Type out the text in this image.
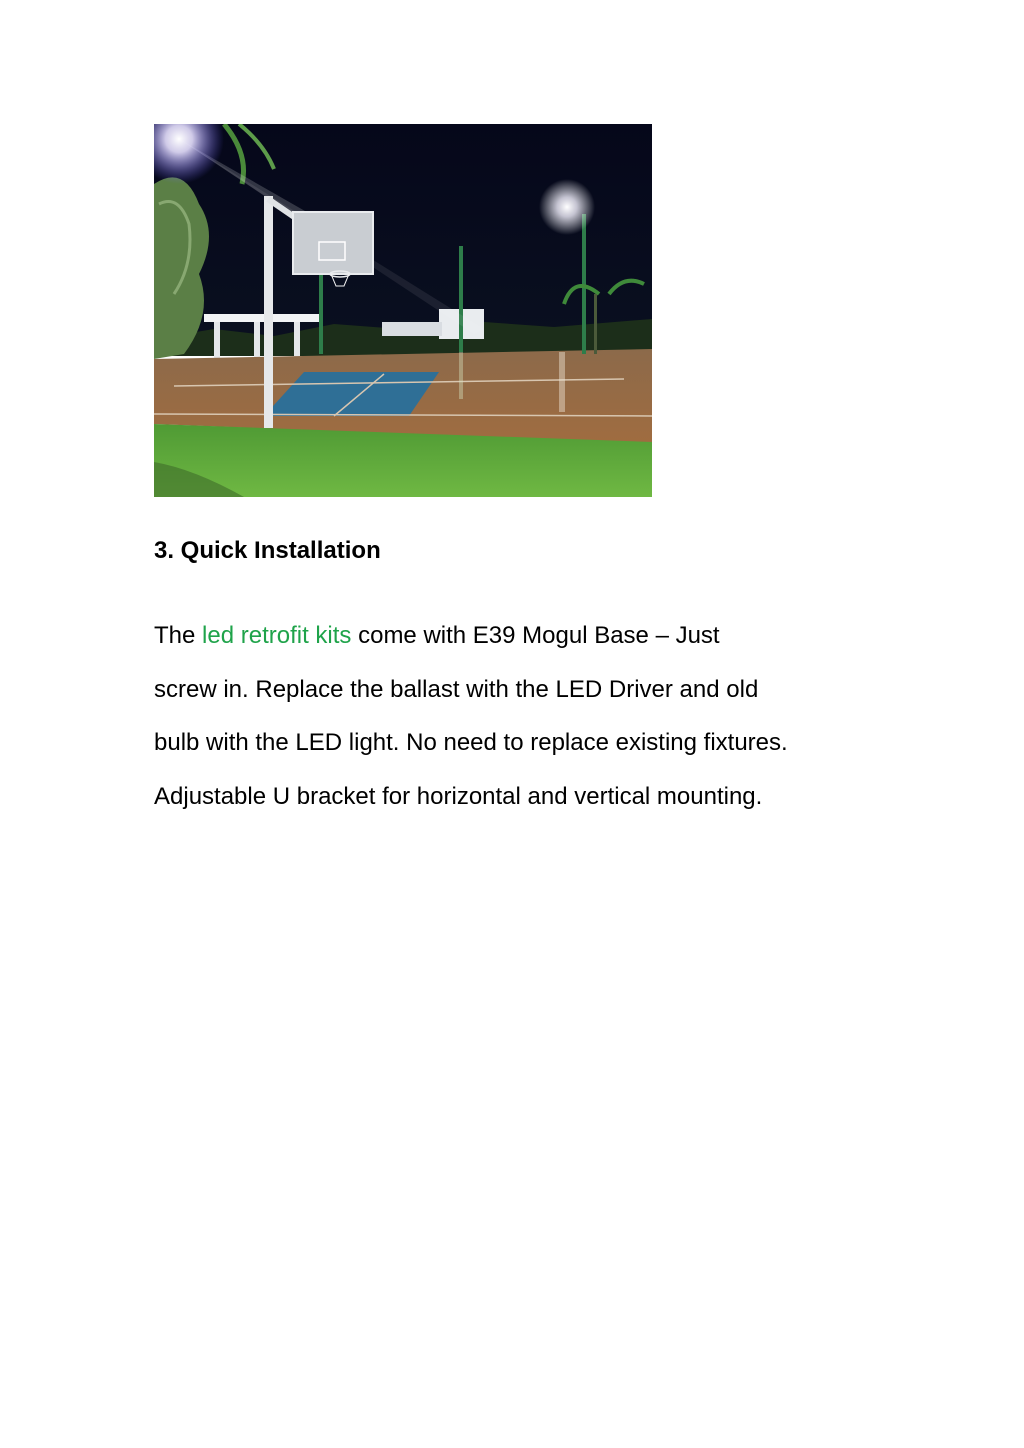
3. Quick Installation

The led retrofit kits come with E39 Mogul Base – Just
screw in. Replace the ballast with the LED Driver and old
bulb with the LED light. No need to replace existing fixtures.
Adjustable U bracket for horizontal and vertical mounting.
